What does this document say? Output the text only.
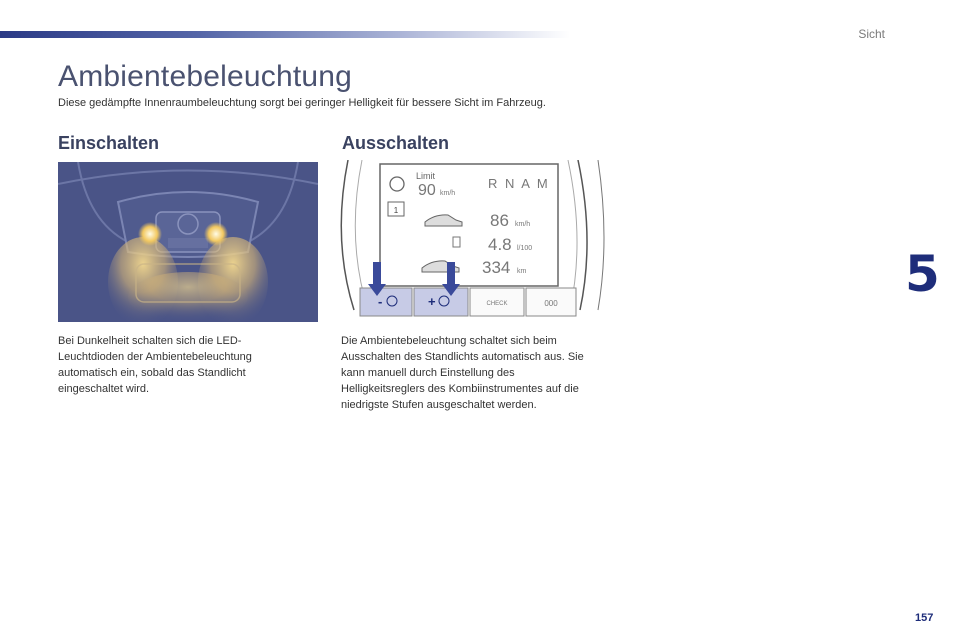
Sicht
Ambientebeleuchtung
Diese gedämpfte Innenraumbeleuchtung sorgt bei geringer Helligkeit für bessere Sicht im Fahrzeug.
Einschalten	Ausschalten
1
Limit
90 km/h
R N A M
86 km/h
4.8 l/100
334 km
-	+	CHECK	000
Bei Dunkelheit schalten sich die LED-Leuchtdioden der Ambientebeleuchtung automatisch ein, sobald das Standlicht eingeschaltet wird.
Die Ambientebeleuchtung schaltet sich beim Ausschalten des Standlichts automatisch aus. Sie kann manuell durch Einstellung des Helligkeitsreglers des Kombiinstrumentes auf die niedrigste Stufen ausgeschaltet werden.
5
157
